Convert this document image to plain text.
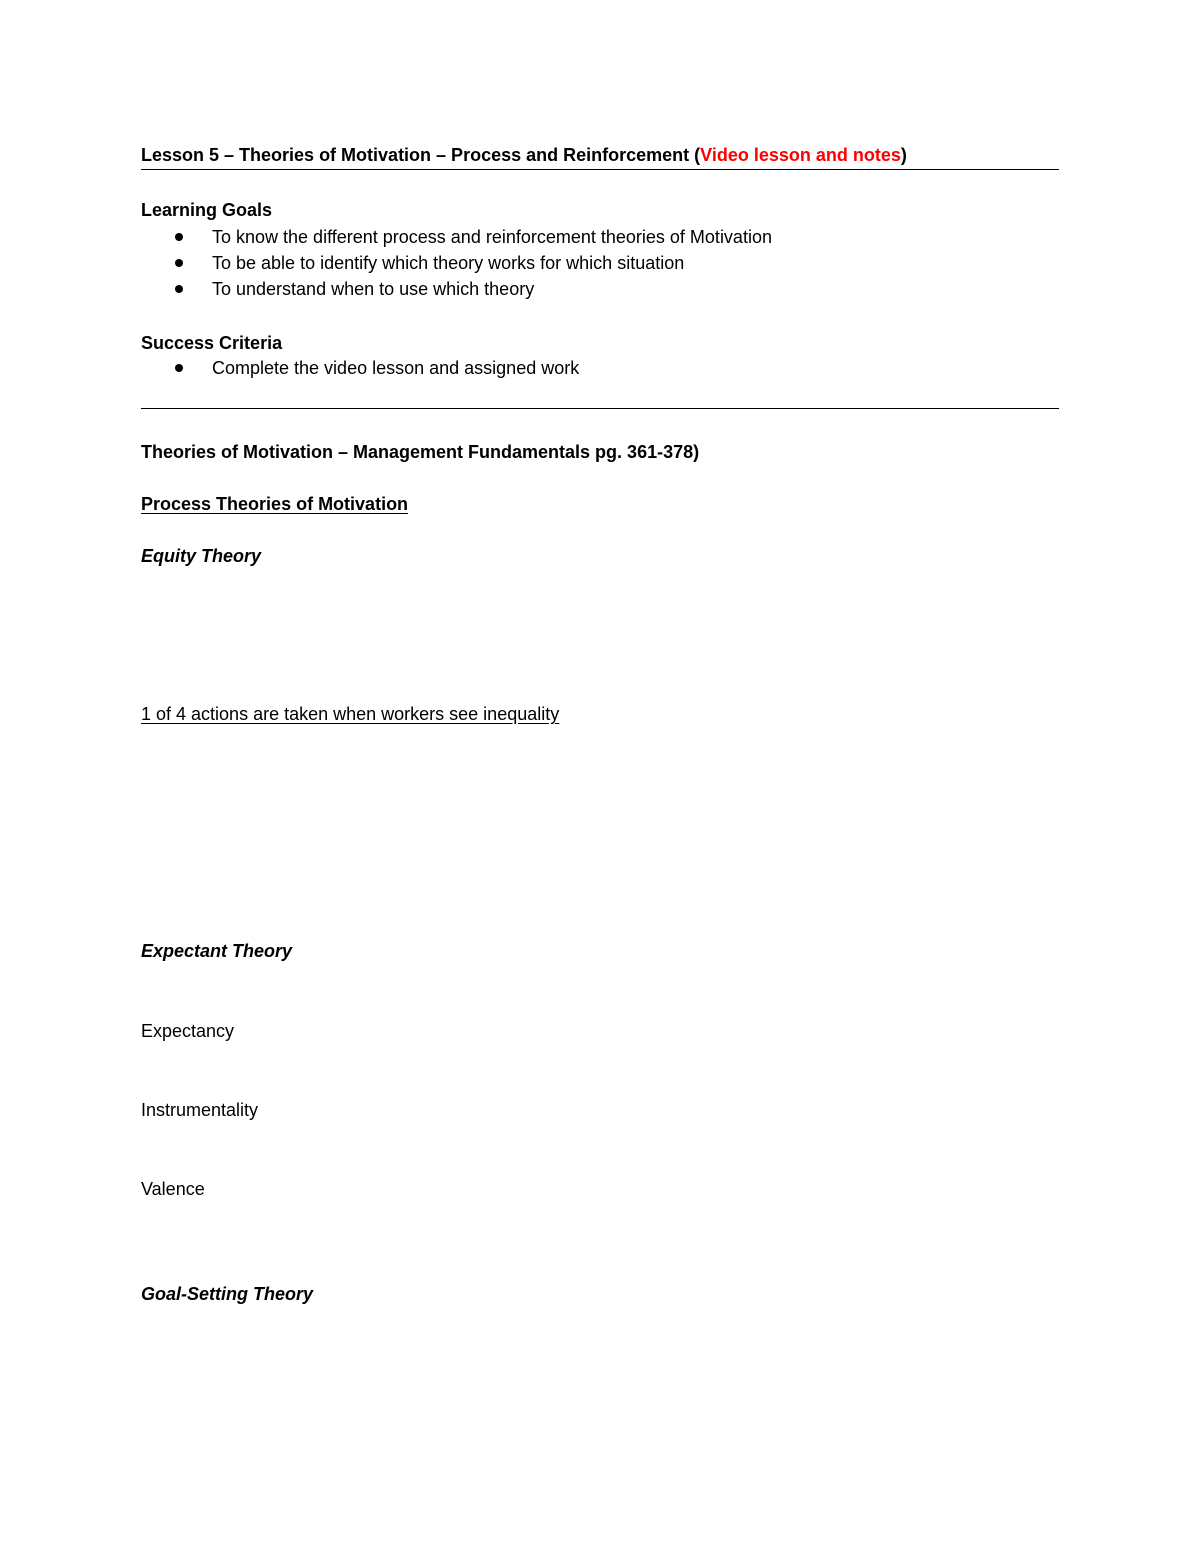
Lesson 5 – Theories of Motivation – Process and Reinforcement (Video lesson and notes)

Learning Goals

To know the different process and reinforcement theories of Motivation
To be able to identify which theory works for which situation
To understand when to use which theory

Success Criteria

Complete the video lesson and assigned work

Theories of Motivation – Management Fundamentals pg. 361-378)

Process Theories of Motivation

Equity Theory

1 of 4 actions are taken when workers see inequality

Expectant Theory

Expectancy

Instrumentality

Valence

Goal-Setting Theory
